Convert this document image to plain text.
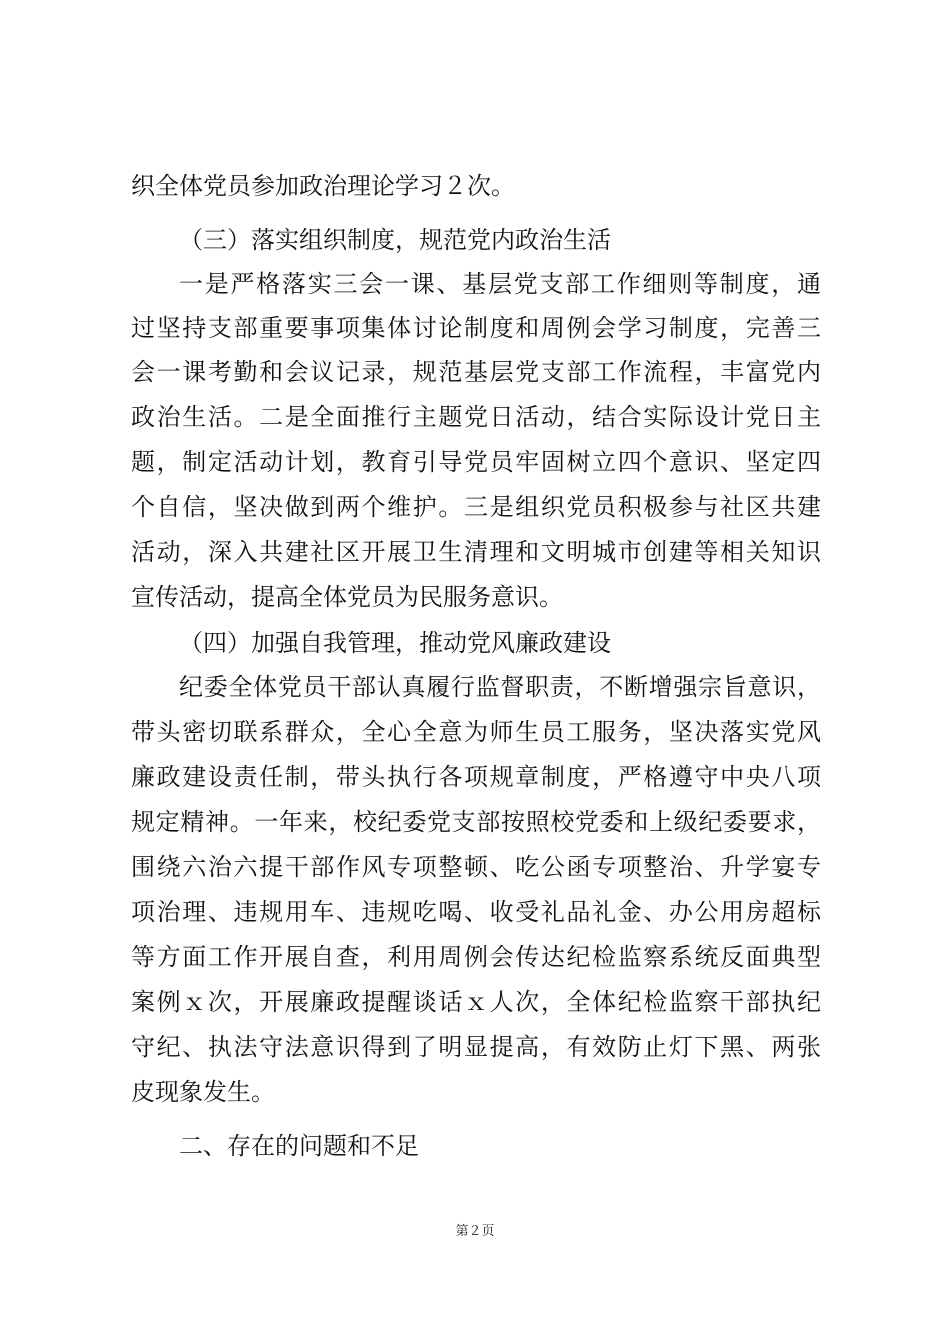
织全体党员参加政治理论学习２次。
（三）落实组织制度，规范党内政治生活
一是严格落实三会一课、基层党支部工作细则等制度，通
过坚持支部重要事项集体讨论制度和周例会学习制度，完善三
会一课考勤和会议记录，规范基层党支部工作流程，丰富党内
政治生活。二是全面推行主题党日活动，结合实际设计党日主
题，制定活动计划，教育引导党员牢固树立四个意识、坚定四
个自信，坚决做到两个维护。三是组织党员积极参与社区共建
活动，深入共建社区开展卫生清理和文明城市创建等相关知识
宣传活动，提高全体党员为民服务意识。
（四）加强自我管理，推动党风廉政建设
纪委全体党员干部认真履行监督职责，不断增强宗旨意识，
带头密切联系群众，全心全意为师生员工服务，坚决落实党风
廉政建设责任制，带头执行各项规章制度，严格遵守中央八项
规定精神。一年来，校纪委党支部按照校党委和上级纪委要求，
围绕六治六提干部作风专项整顿、吃公函专项整治、升学宴专
项治理、违规用车、违规吃喝、收受礼品礼金、办公用房超标
等方面工作开展自查，利用周例会传达纪检监察系统反面典型
案例ｘ次，开展廉政提醒谈话ｘ人次，全体纪检监察干部执纪
守纪、执法守法意识得到了明显提高，有效防止灯下黑、两张
皮现象发生。
二、存在的问题和不足
第２页
